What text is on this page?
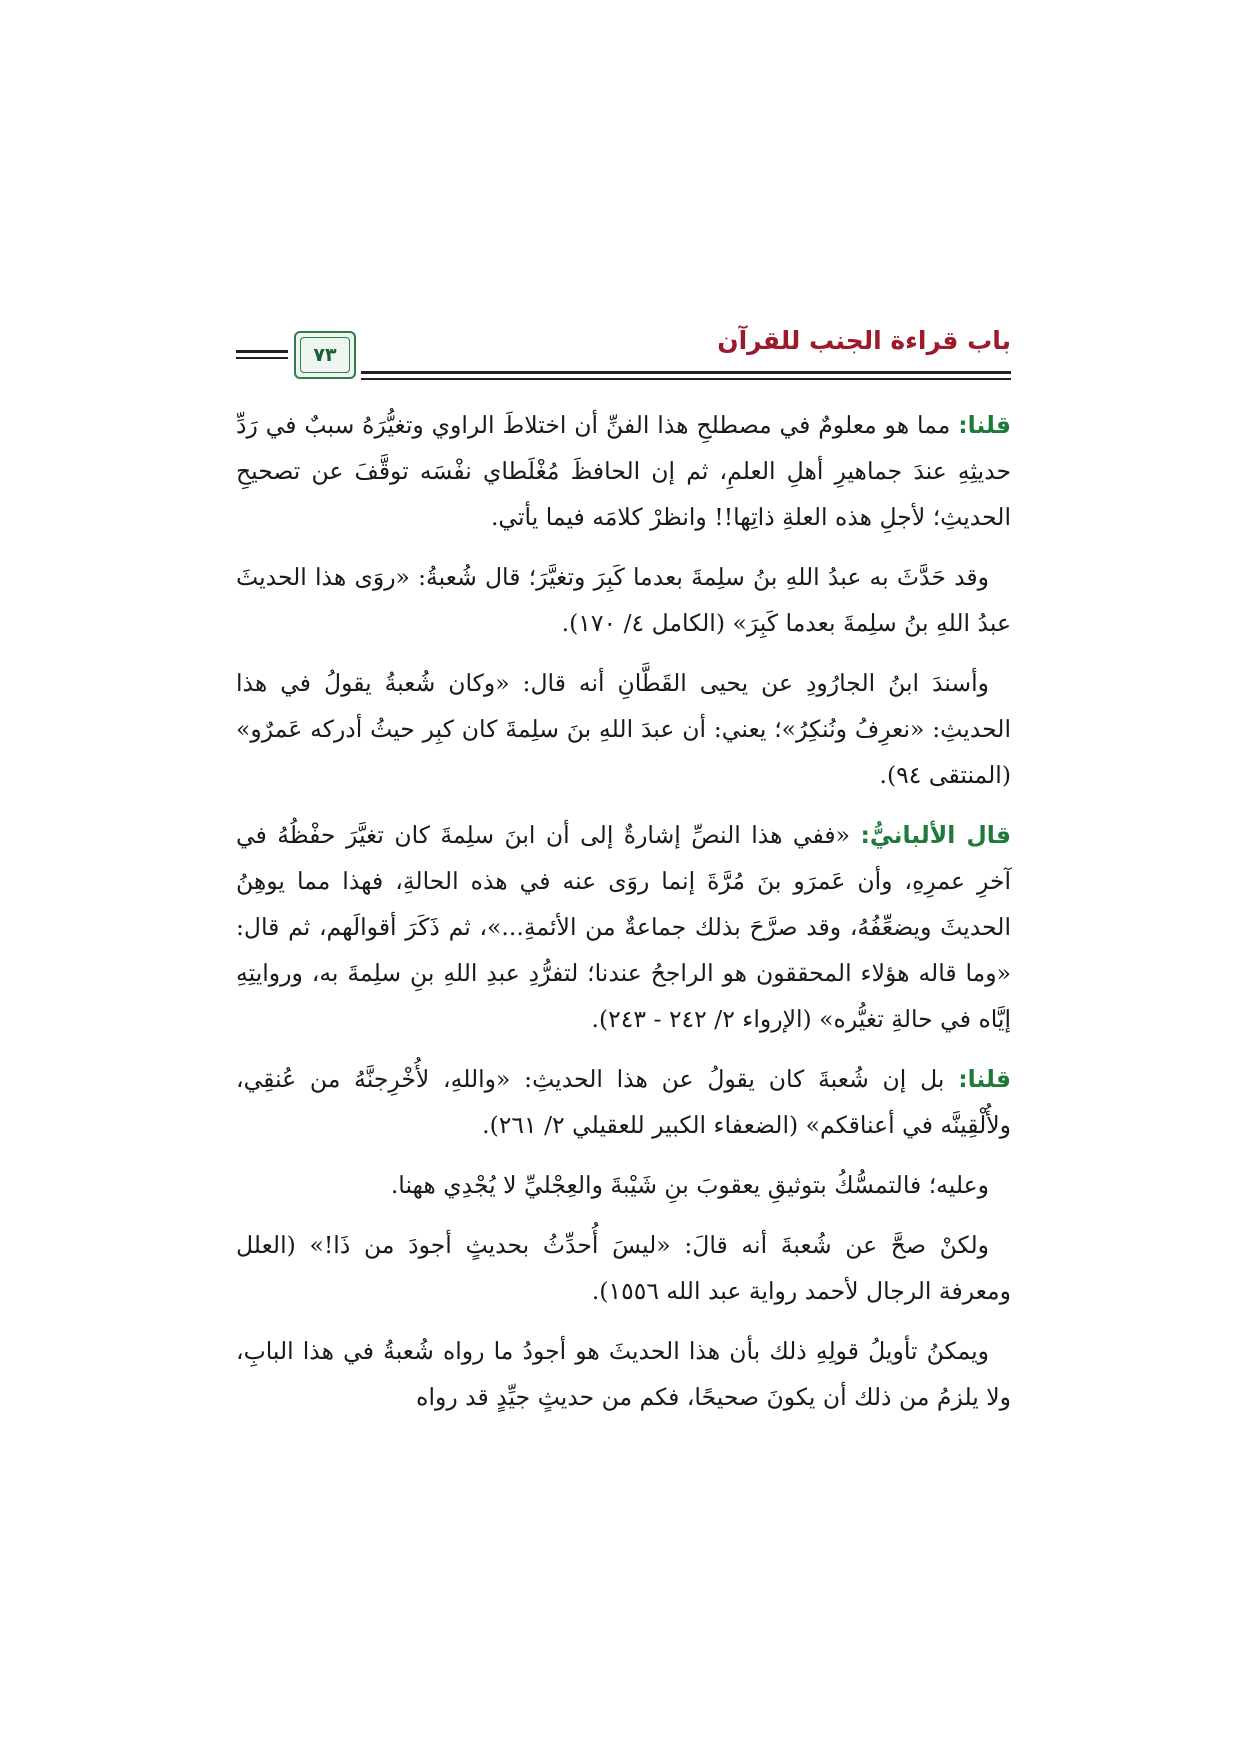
باب قراءة الجنب للقرآن
٧٣

قلنا: مما هو معلومٌ في مصطلحِ هذا الفنِّ أن اختلاطَ الراوي وتغيُّرَهُ سببٌ في رَدِّ حديثِهِ عندَ جماهيرِ أهلِ العلمِ، ثم إن الحافظَ مُغْلَطاي نفْسَه توقَّفَ عن تصحيحِ الحديثِ؛ لأجلِ هذه العلةِ ذاتِها!! وانظرْ كلامَه فيما يأتي.

وقد حَدَّثَ به عبدُ اللهِ بنُ سلِمةَ بعدما كَبِرَ وتغيَّرَ؛ قال شُعبةُ: «روَى هذا الحديثَ عبدُ اللهِ بنُ سلِمةَ بعدما كَبِرَ» (الكامل ٤/ ١٧٠).

وأسندَ ابنُ الجارُودِ عن يحيى القَطَّانِ أنه قال: «وكان شُعبةُ يقولُ في هذا الحديثِ: «نعرِفُ ونُنكِرُ»؛ يعني: أن عبدَ اللهِ بنَ سلِمةَ كان كبِر حيثُ أدركه عَمرٌو» (المنتقى ٩٤).

قال الألبانيُّ: «ففي هذا النصِّ إشارةٌ إلى أن ابنَ سلِمةَ كان تغيَّرَ حفْظُهُ في آخرِ عمرِهِ، وأن عَمرَو بنَ مُرَّةَ إنما روَى عنه في هذه الحالةِ، فهذا مما يوهِنُ الحديثَ ويضعِّفُهُ، وقد صرَّحَ بذلك جماعةٌ من الأئمةِ...»، ثم ذَكَرَ أقوالَهم، ثم قال: «وما قاله هؤلاء المحققون هو الراجحُ عندنا؛ لتفرُّدِ عبدِ اللهِ بنِ سلِمةَ به، وروايتِهِ إيَّاه في حالةِ تغيُّره» (الإرواء ٢/ ٢٤٢ - ٢٤٣).

قلنا: بل إن شُعبةَ كان يقولُ عن هذا الحديثِ: «واللهِ، لأُخْرِجنَّهُ من عُنقِي، ولأُلْقِينَّه في أعناقكم» (الضعفاء الكبير للعقيلي ٢/ ٢٦١).

وعليه؛ فالتمسُّكُ بتوثيقِ يعقوبَ بنِ شَيْبةَ والعِجْليِّ لا يُجْدِي ههنا.

ولكنْ صحَّ عن شُعبةَ أنه قالَ: «ليسَ أُحدِّثُ بحديثٍ أجودَ من ذَا!» (العلل ومعرفة الرجال لأحمد رواية عبد الله ١٥٥٦).

ويمكنُ تأويلُ قولِهِ ذلك بأن هذا الحديثَ هو أجودُ ما رواه شُعبةُ في هذا البابِ، ولا يلزمُ من ذلك أن يكونَ صحيحًا، فكم من حديثٍ جيِّدٍ قد رواه
